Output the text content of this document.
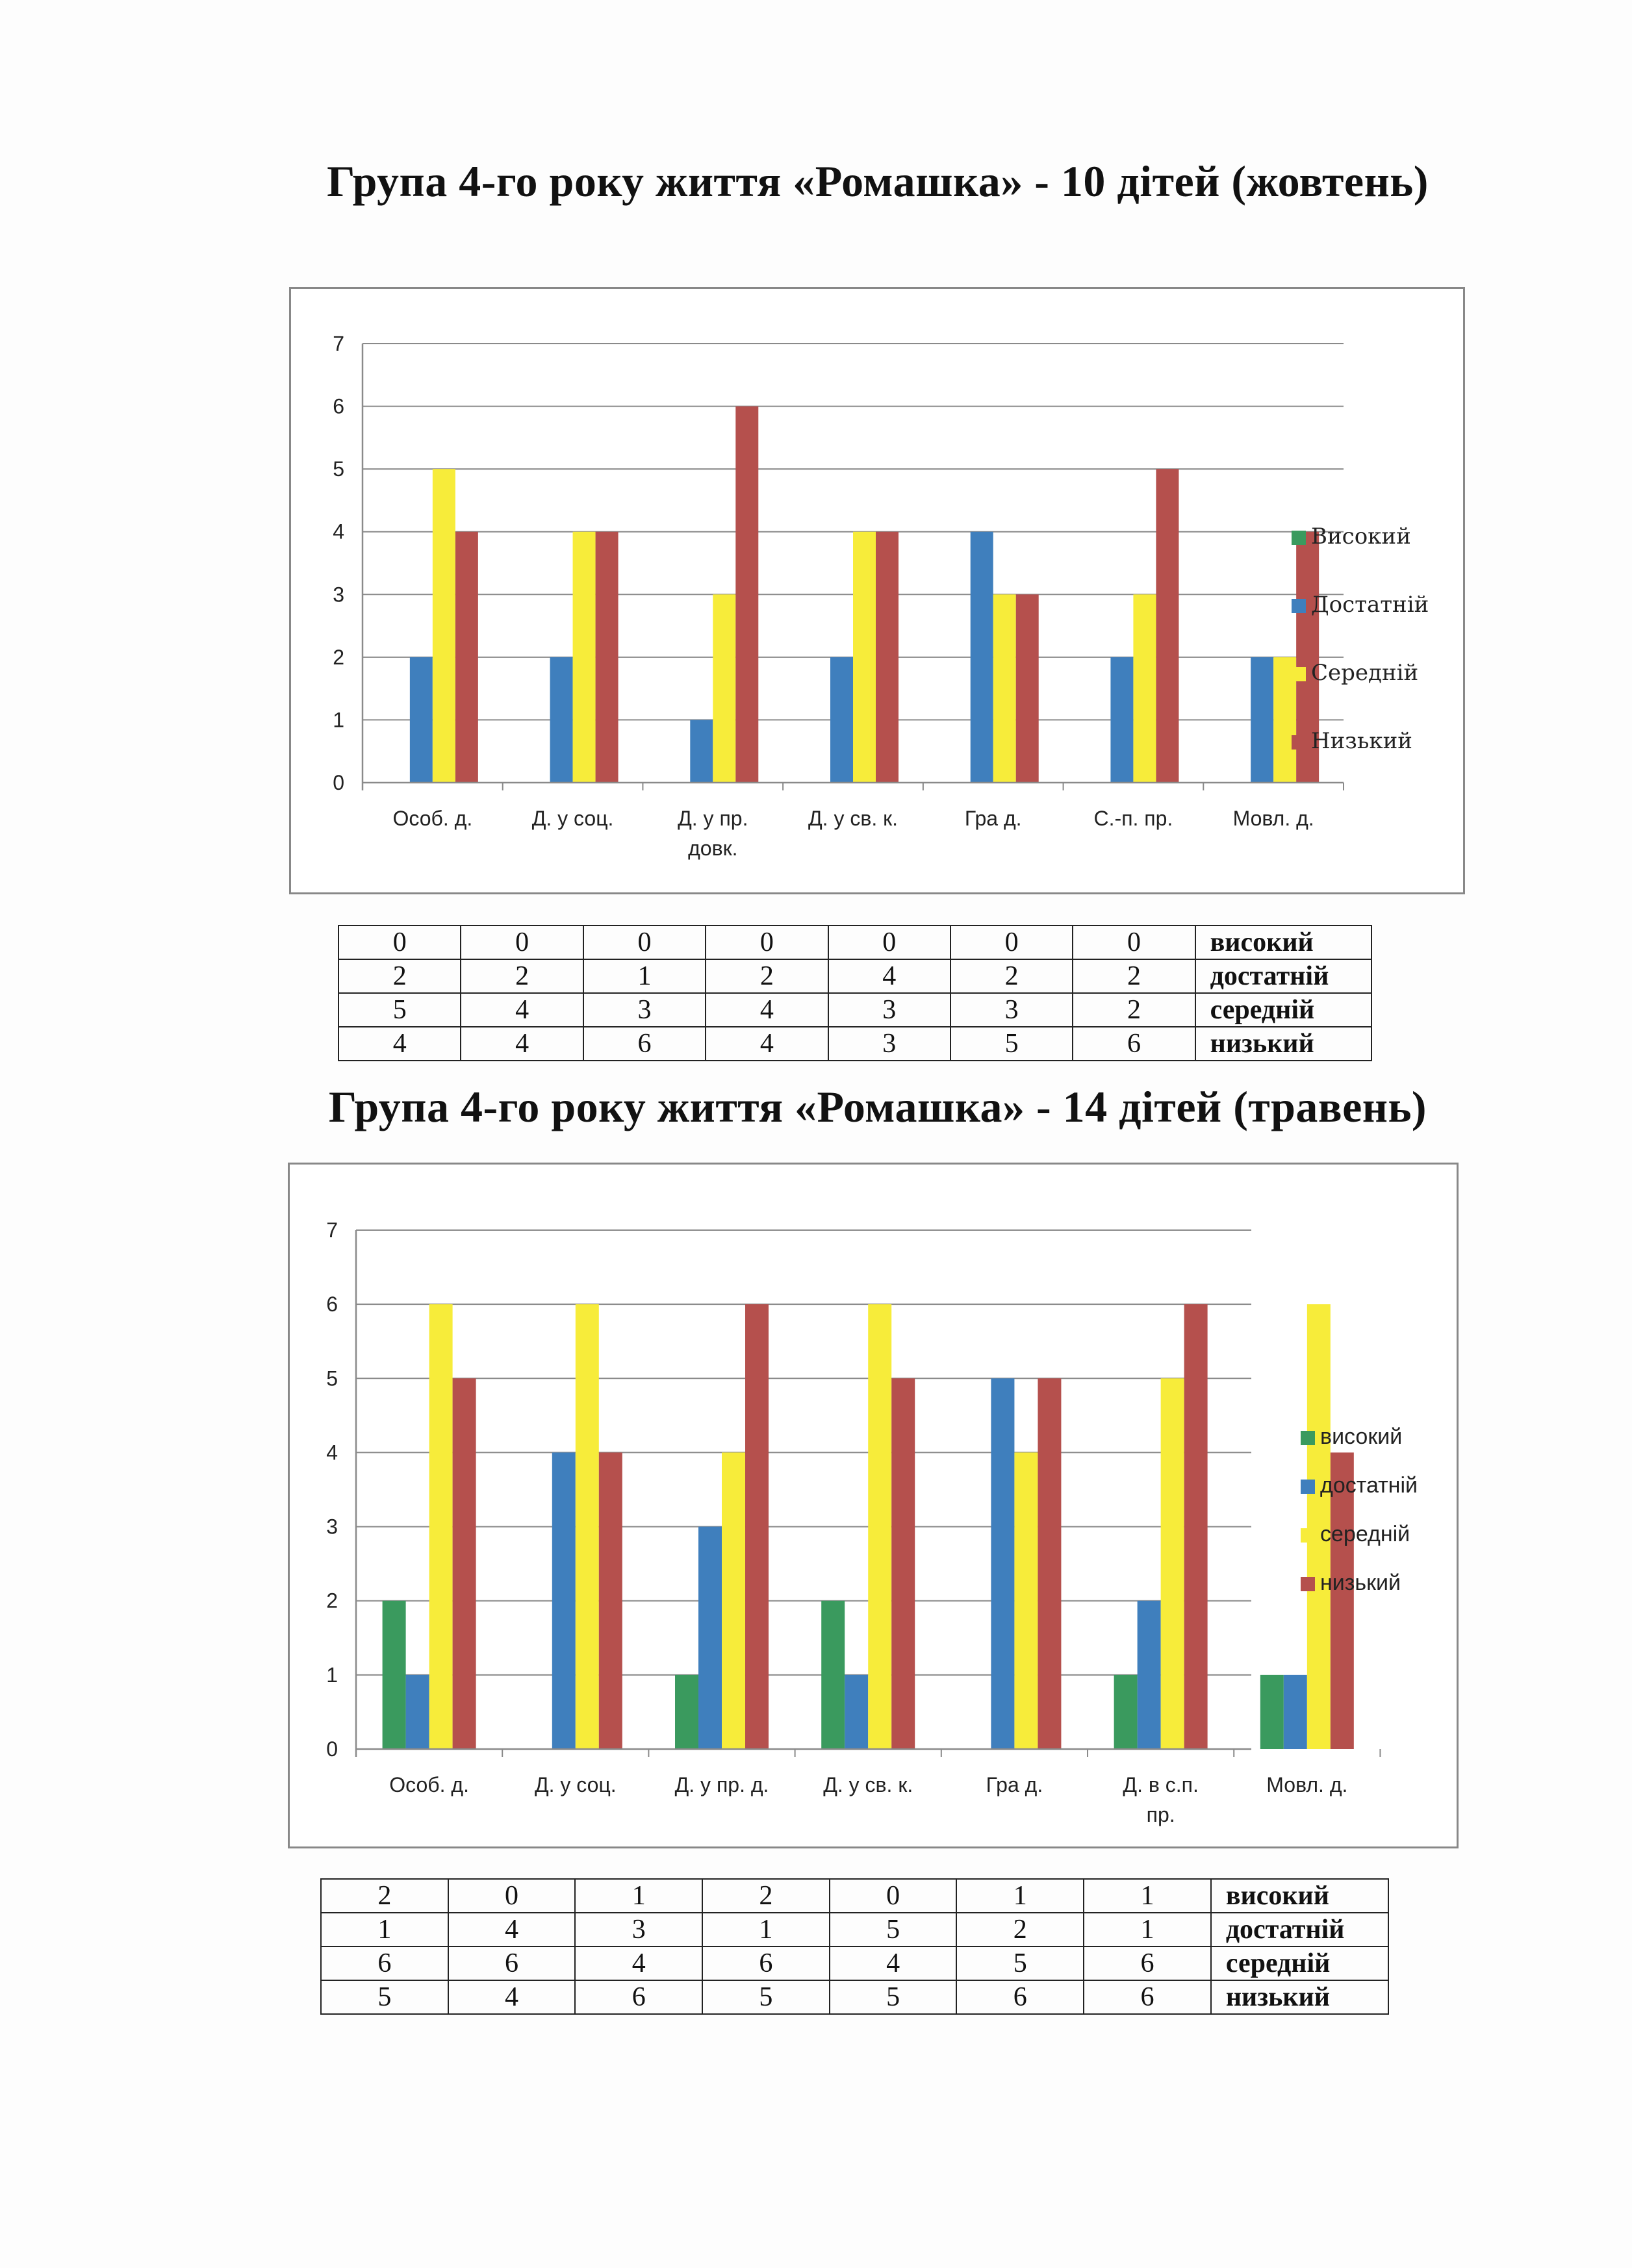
Група 4-го року життя «Ромашка» - 10 дітей (жовтень)
0
1
2
3
4
5
6
7
Особ. д.	Д. у соц.	Д. у пр.
довк.
Д. у св. к.	Гра д.	С.-п. пр.	Мовл. д.
Високий
Достатній
Середній
Низький
0	0	0	0	0	0	0	високий
2	2	1	2	4	2	2	достатній
5	4	3	4	3	3	2	середній
4	4	6	4	3	5	6	низький
Група 4-го року життя «Ромашка» - 14 дітей (травень)
0
1
2
3
4
5
6
7
Особ. д.	Д. у соц.	Д. у пр. д.	Д. у св. к.	Гра д.	Д. в с.п.
пр.
Мовл. д.
високий
достатній
середній
низький
2	0	1	2	0	1	1	високий
1	4	3	1	5	2	1	достатній
6	6	4	6	4	5	6	середній
5	4	6	5	5	6	6	низький
